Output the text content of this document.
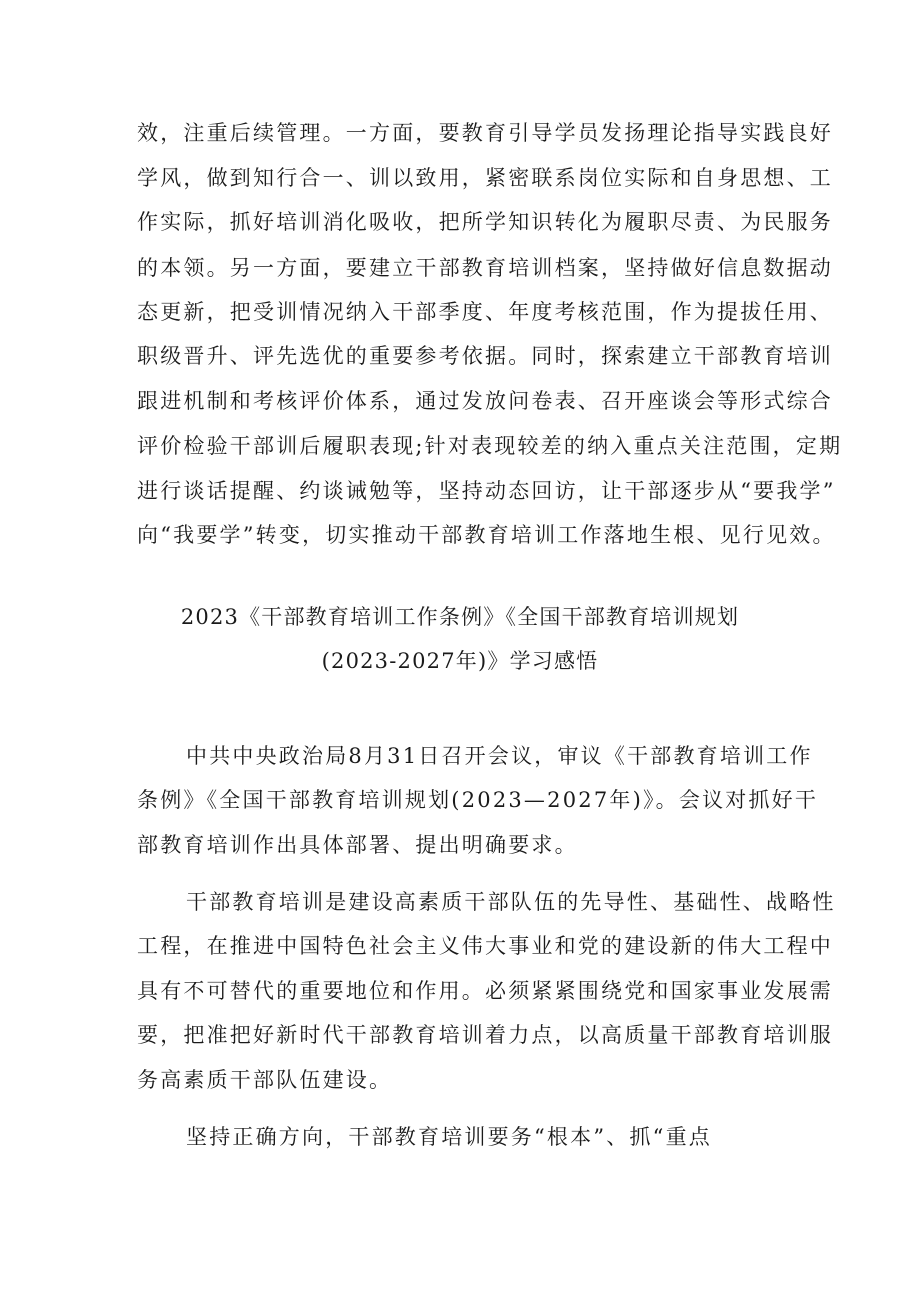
效，注重后续管理。一方面，要教育引导学员发扬理论指导实践良好
学风，做到知行合一、训以致用，紧密联系岗位实际和自身思想、工
作实际，抓好培训消化吸收，把所学知识转化为履职尽责、为民服务
的本领。另一方面，要建立干部教育培训档案，坚持做好信息数据动
态更新，把受训情况纳入干部季度、年度考核范围，作为提拔任用、
职级晋升、评先选优的重要参考依据。同时，探索建立干部教育培训
跟进机制和考核评价体系，通过发放问卷表、召开座谈会等形式综合
评价检验干部训后履职表现;针对表现较差的纳入重点关注范围，定期
进行谈话提醒、约谈诫勉等，坚持动态回访，让干部逐步从“要我学”
向“我要学”转变，切实推动干部教育培训工作落地生根、见行见效。
2023《干部教育培训工作条例》《全国干部教育培训规划
(2023-2027年)》学习感悟
中共中央政治局8月31日召开会议，审议《干部教育培训工作
条例》《全国干部教育培训规划(2023—2027年)》。会议对抓好干
部教育培训作出具体部署、提出明确要求。
干部教育培训是建设高素质干部队伍的先导性、基础性、战略性
工程，在推进中国特色社会主义伟大事业和党的建设新的伟大工程中
具有不可替代的重要地位和作用。必须紧紧围绕党和国家事业发展需
要，把准把好新时代干部教育培训着力点，以高质量干部教育培训服
务高素质干部队伍建设。
坚持正确方向，干部教育培训要务“根本”、抓“重点
